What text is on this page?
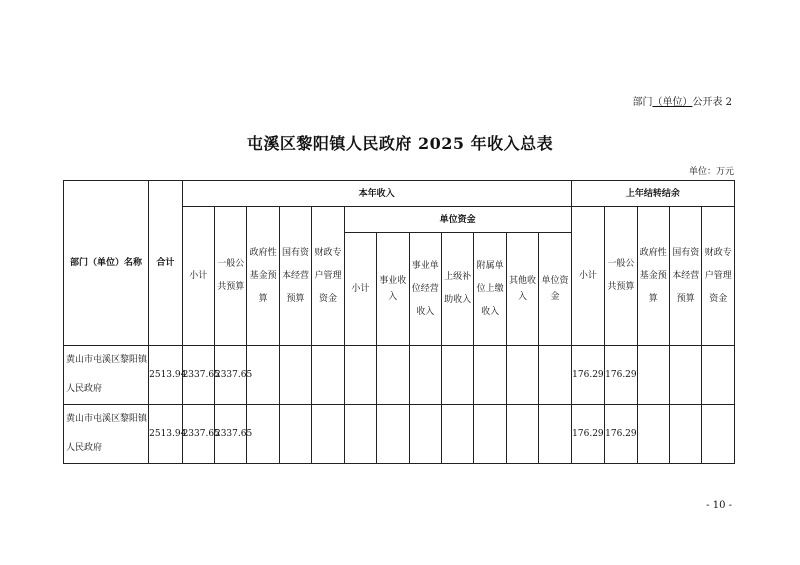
部门（单位）公开表 2
屯溪区黎阳镇人民政府 2025 年收入总表
单位：万元
部门（单位）名称	合计	本年收入												上年结转结余				
		小计	一般公共预算	政府性基金预算	国有资本经营预算	财政专户管理资金	单位资金							小计	一般公共预算	政府性基金预算	国有资本经营预算	财政专户管理资金
							小计	事业收入	事业单位经营收入	上级补助收入	附属单位上缴收入	其他收入	单位资金					
黄山市屯溪区黎阳镇人民政府	2513.94	2337.65	2337.65											176.29	176.29			
黄山市屯溪区黎阳镇人民政府	2513.94	2337.65	2337.65											176.29	176.29			
- 10 -
